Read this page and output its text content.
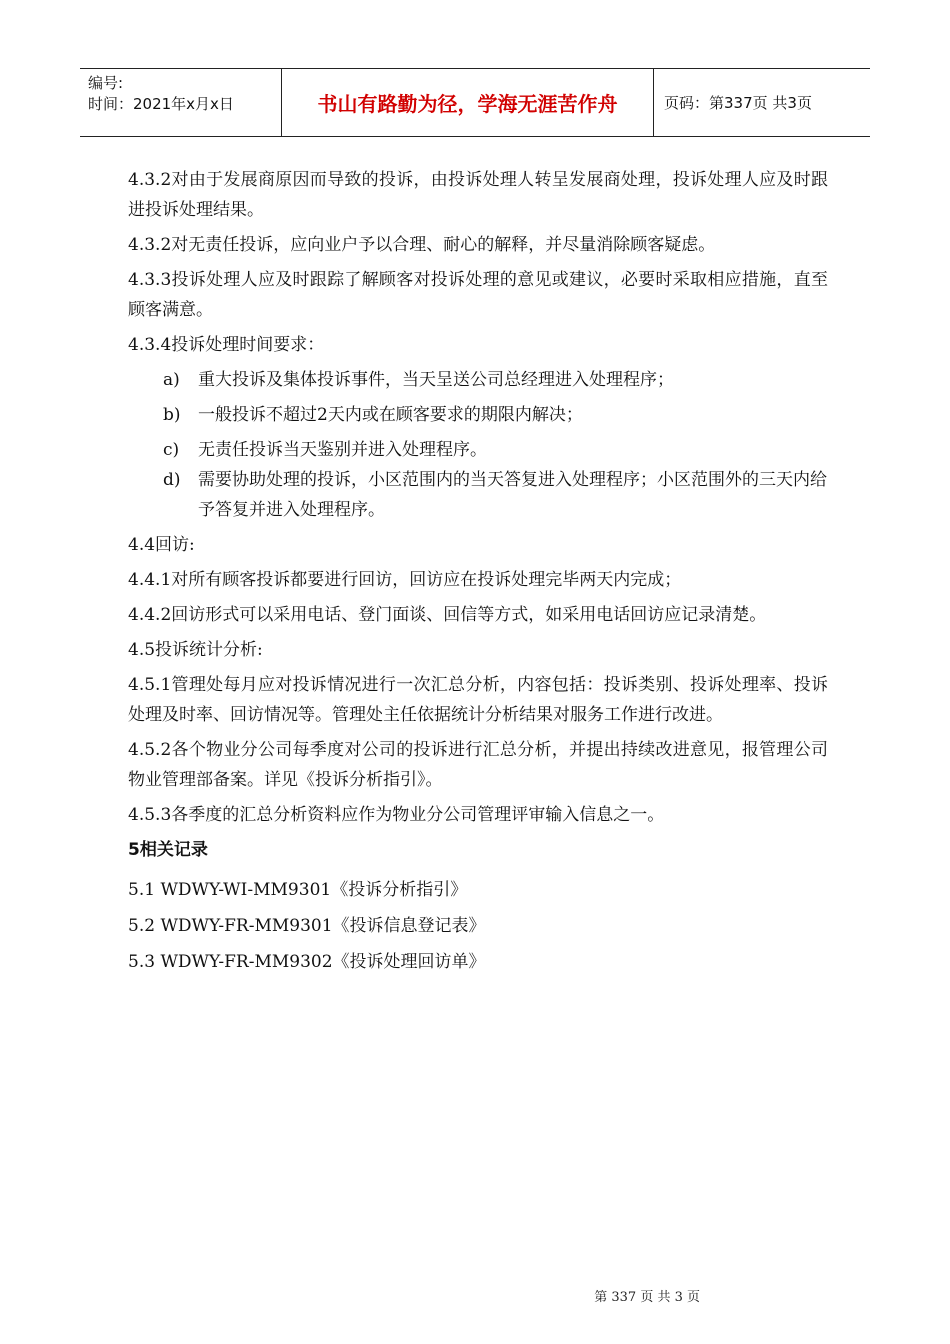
编号:
时间：2021年x月x日	书山有路勤为径，学海无涯苦作舟	页码：第337页 共3页

4.3.2对由于发展商原因而导致的投诉，由投诉处理人转呈发展商处理，投诉处理人应及时跟进投诉处理结果。

4.3.2对无责任投诉，应向业户予以合理、耐心的解释，并尽量消除顾客疑虑。

4.3.3投诉处理人应及时跟踪了解顾客对投诉处理的意见或建议，必要时采取相应措施，直至顾客满意。

4.3.4投诉处理时间要求：

a)	重大投诉及集体投诉事件，当天呈送公司总经理进入处理程序；
b)	一般投诉不超过2天内或在顾客要求的期限内解决；
c)	无责任投诉当天鉴别并进入处理程序。
d)	需要协助处理的投诉，小区范围内的当天答复进入处理程序；小区范围外的三天内给予答复并进入处理程序。

4.4回访:

4.4.1对所有顾客投诉都要进行回访，回访应在投诉处理完毕两天内完成；

4.4.2回访形式可以采用电话、登门面谈、回信等方式，如采用电话回访应记录清楚。

4.5投诉统计分析:

4.5.1管理处每月应对投诉情况进行一次汇总分析，内容包括：投诉类别、投诉处理率、投诉处理及时率、回访情况等。管理处主任依据统计分析结果对服务工作进行改进。

4.5.2各个物业分公司每季度对公司的投诉进行汇总分析，并提出持续改进意见，报管理公司物业管理部备案。详见《投诉分析指引》。

4.5.3各季度的汇总分析资料应作为物业分公司管理评审输入信息之一。

5相关记录
5.1 WDWY-WI-MM9301《投诉分析指引》
5.2 WDWY-FR-MM9301《投诉信息登记表》
5.3 WDWY-FR-MM9302《投诉处理回访单》
第 337 页 共 3 页
